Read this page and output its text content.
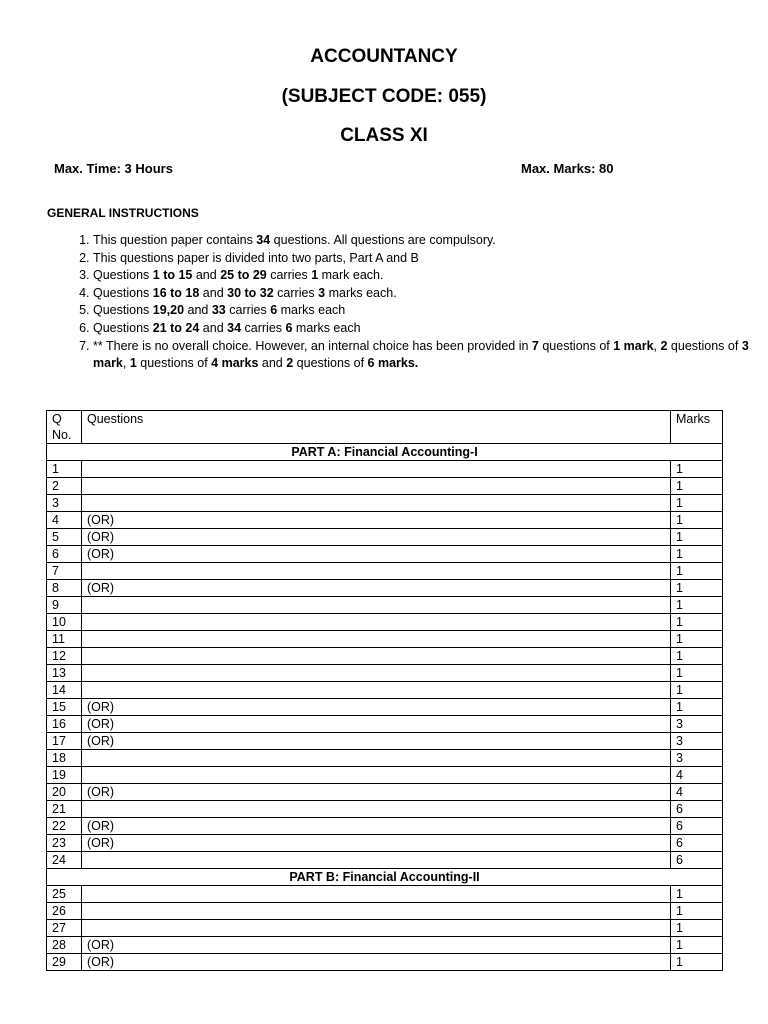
ACCOUNTANCY
(SUBJECT CODE: 055)
CLASS XI
Max. Time: 3 Hours	Max. Marks: 80
GENERAL INSTRUCTIONS
1. This question paper contains 34 questions. All questions are compulsory.
2. This questions paper is divided into two parts, Part A and B
3. Questions 1 to 15 and 25 to 29 carries 1 mark each.
4. Questions 16 to 18 and 30 to 32 carries 3 marks each.
5. Questions 19,20 and 33 carries 6 marks each
6. Questions 21 to 24 and 34 carries 6 marks each
7. ** There is no overall choice. However, an internal choice has been provided in 7 questions of 1 mark, 2 questions of 3 mark, 1 questions of 4 marks and 2 questions of 6 marks.
Q No.	Questions	Marks
PART A: Financial Accounting-I		
1		1
2		1
3		1
4	(OR)	1
5	(OR)	1
6	(OR)	1
7		1
8	(OR)	1
9		1
10		1
11		1
12		1
13		1
14		1
15	(OR)	1
16	(OR)	3
17	(OR)	3
18		3
19		4
20	(OR)	4
21		6
22	(OR)	6
23	(OR)	6
24		6
PART B: Financial Accounting-II		
25		1
26		1
27		1
28	(OR)	1
29	(OR)	1
